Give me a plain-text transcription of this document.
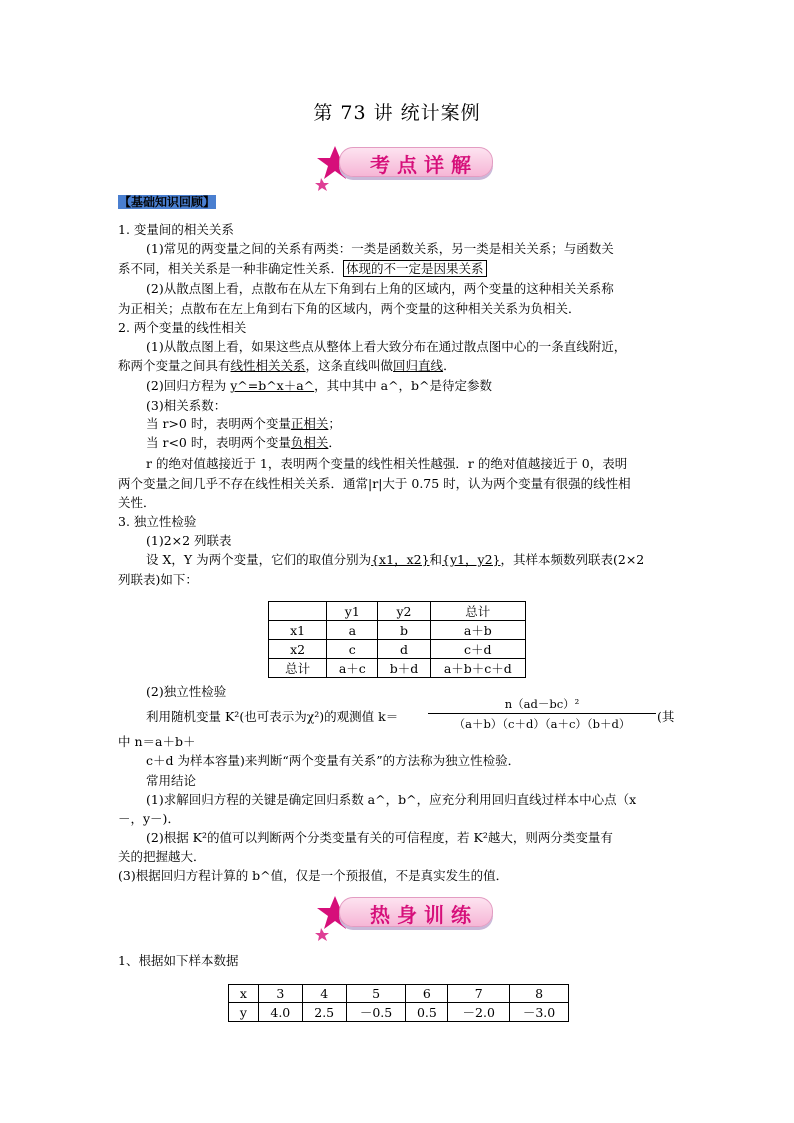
第 73 讲 统计案例
考点详解
【基础知识回顾】
1. 变量间的相关关系
(1)常见的两变量之间的关系有两类：一类是函数关系，另一类是相关关系；与函数关
系不同，相关关系是一种非确定性关系． 体现的不一定是因果关系
(2)从散点图上看，点散布在从左下角到右上角的区域内，两个变量的这种相关关系称
为正相关；点散布在左上角到右下角的区域内，两个变量的这种相关关系为负相关．
2. 两个变量的线性相关
(1)从散点图上看，如果这些点从整体上看大致分布在通过散点图中心的一条直线附近，
称两个变量之间具有线性相关关系，这条直线叫做回归直线．
(2)回归方程为 y^=b^x＋a^，其中其中 a^，b^是待定参数
(3)相关系数：
当 r>0 时，表明两个变量正相关；
当 r<0 时，表明两个变量负相关．
r 的绝对值越接近于 1，表明两个变量的线性相关性越强．r 的绝对值越接近于 0，表明
两个变量之间几乎不存在线性相关关系．通常|r|大于 0.75 时，认为两个变量有很强的线性相
关性．
3. 独立性检验
(1)2×2 列联表
设 X，Y 为两个变量，它们的取值分别为{x1，x2}和{y1，y2}，其样本频数列联表(2×2
列联表)如下：
	y1	y2	总计
x1	a	b	a＋b
x2	c	d	c＋d
总计	a＋c	b＋d	a＋b＋c＋d
(2)独立性检验
利用随机变量 K²(也可表示为χ²)的观测值 k＝
n（ad－bc）²
（a＋b）（c＋d）（a＋c）（b＋d）	(其
中 n＝a＋b＋
c＋d 为样本容量)来判断“两个变量有关系”的方法称为独立性检验．
常用结论
(1)求解回归方程的关键是确定回归系数 a^，b^，应充分利用回归直线过样本中心点（x
－，y－)．
(2)根据 K²的值可以判断两个分类变量有关的可信程度，若 K²越大，则两分类变量有
关的把握越大．
(3)根据回归方程计算的 b^值，仅是一个预报值，不是真实发生的值．
热身训练
1、根据如下样本数据
x	3	4	5	6	7	8
y	4.0	2.5	－0.5	0.5	－2.0	－3.0
